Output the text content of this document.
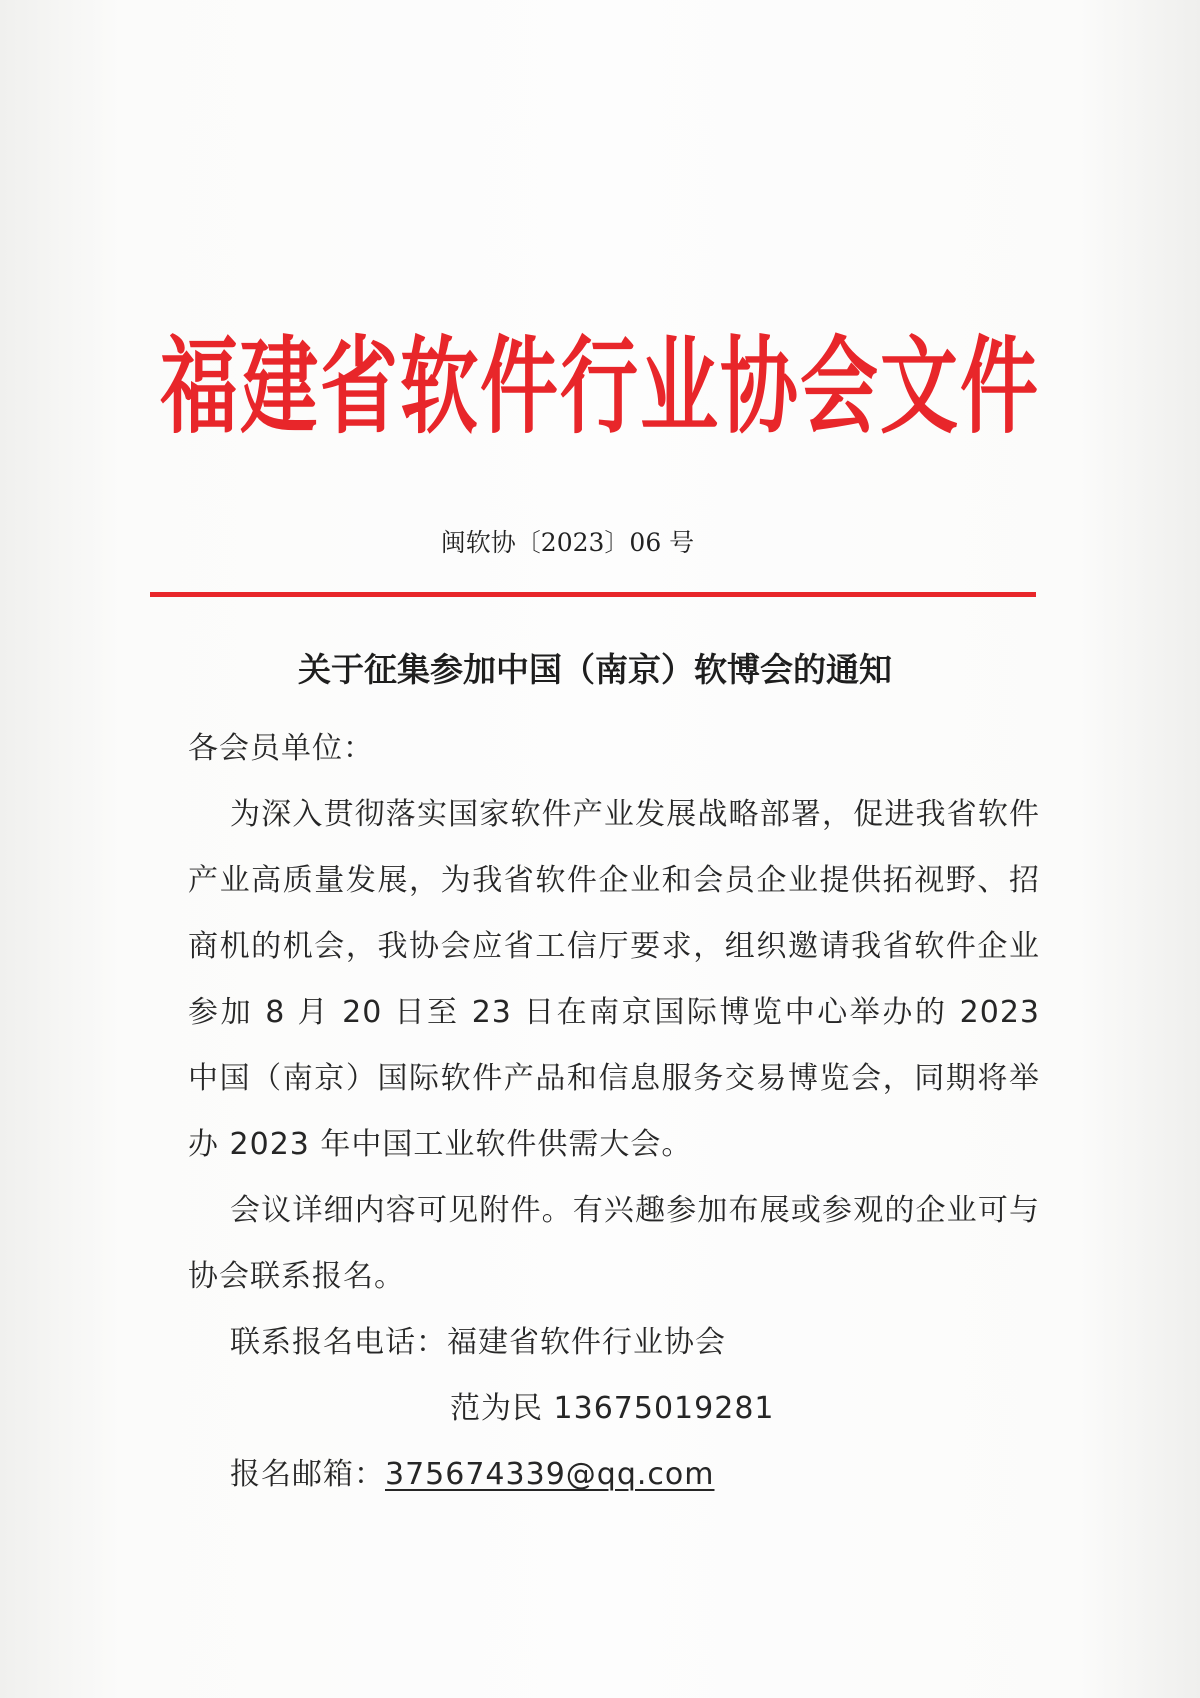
福建省软件行业协会文件

闽软协〔2023〕06 号

关于征集参加中国（南京）软博会的通知

各会员单位：

为深入贯彻落实国家软件产业发展战略部署，促进我省软件产业高质量发展，为我省软件企业和会员企业提供拓视野、招商机的机会，我协会应省工信厅要求，组织邀请我省软件企业参加 8 月 20 日至 23 日在南京国际博览中心举办的 2023 中国（南京）国际软件产品和信息服务交易博览会，同期将举办 2023 年中国工业软件供需大会。

会议详细内容可见附件。有兴趣参加布展或参观的企业可与协会联系报名。

联系报名电话：福建省软件行业协会

范为民 13675019281

报名邮箱：375674339@qq.com
